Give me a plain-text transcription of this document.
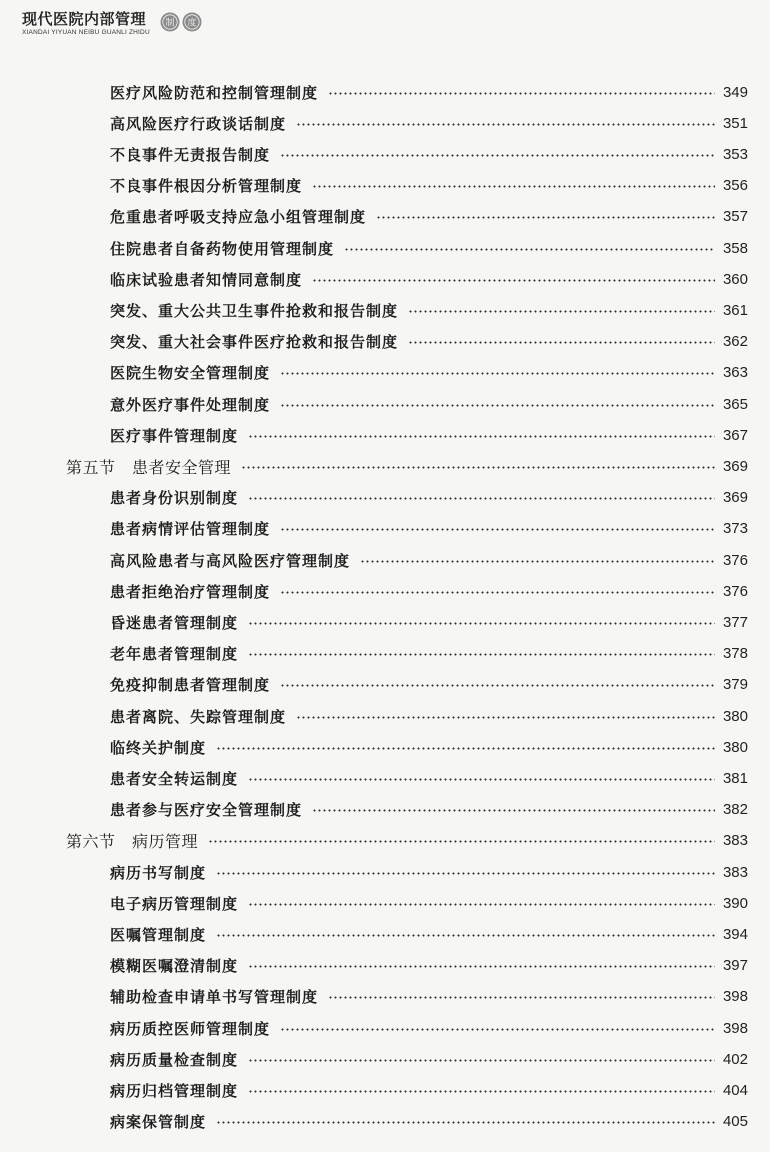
现代医院内部管理
XIANDAI YIYUAN NEIBU GUANLI ZHIDU
制 度
医疗风险防范和控制管理制度	349
高风险医疗行政谈话制度	351
不良事件无责报告制度	353
不良事件根因分析管理制度	356
危重患者呼吸支持应急小组管理制度	357
住院患者自备药物使用管理制度	358
临床试验患者知情同意制度	360
突发、重大公共卫生事件抢救和报告制度	361
突发、重大社会事件医疗抢救和报告制度	362
医院生物安全管理制度	363
意外医疗事件处理制度	365
医疗事件管理制度	367
第五节　患者安全管理	369
患者身份识别制度	369
患者病情评估管理制度	373
高风险患者与高风险医疗管理制度	376
患者拒绝治疗管理制度	376
昏迷患者管理制度	377
老年患者管理制度	378
免疫抑制患者管理制度	379
患者离院、失踪管理制度	380
临终关护制度	380
患者安全转运制度	381
患者参与医疗安全管理制度	382
第六节　病历管理	383
病历书写制度	383
电子病历管理制度	390
医嘱管理制度	394
模糊医嘱澄清制度	397
辅助检查申请单书写管理制度	398
病历质控医师管理制度	398
病历质量检查制度	402
病历归档管理制度	404
病案保管制度	405
